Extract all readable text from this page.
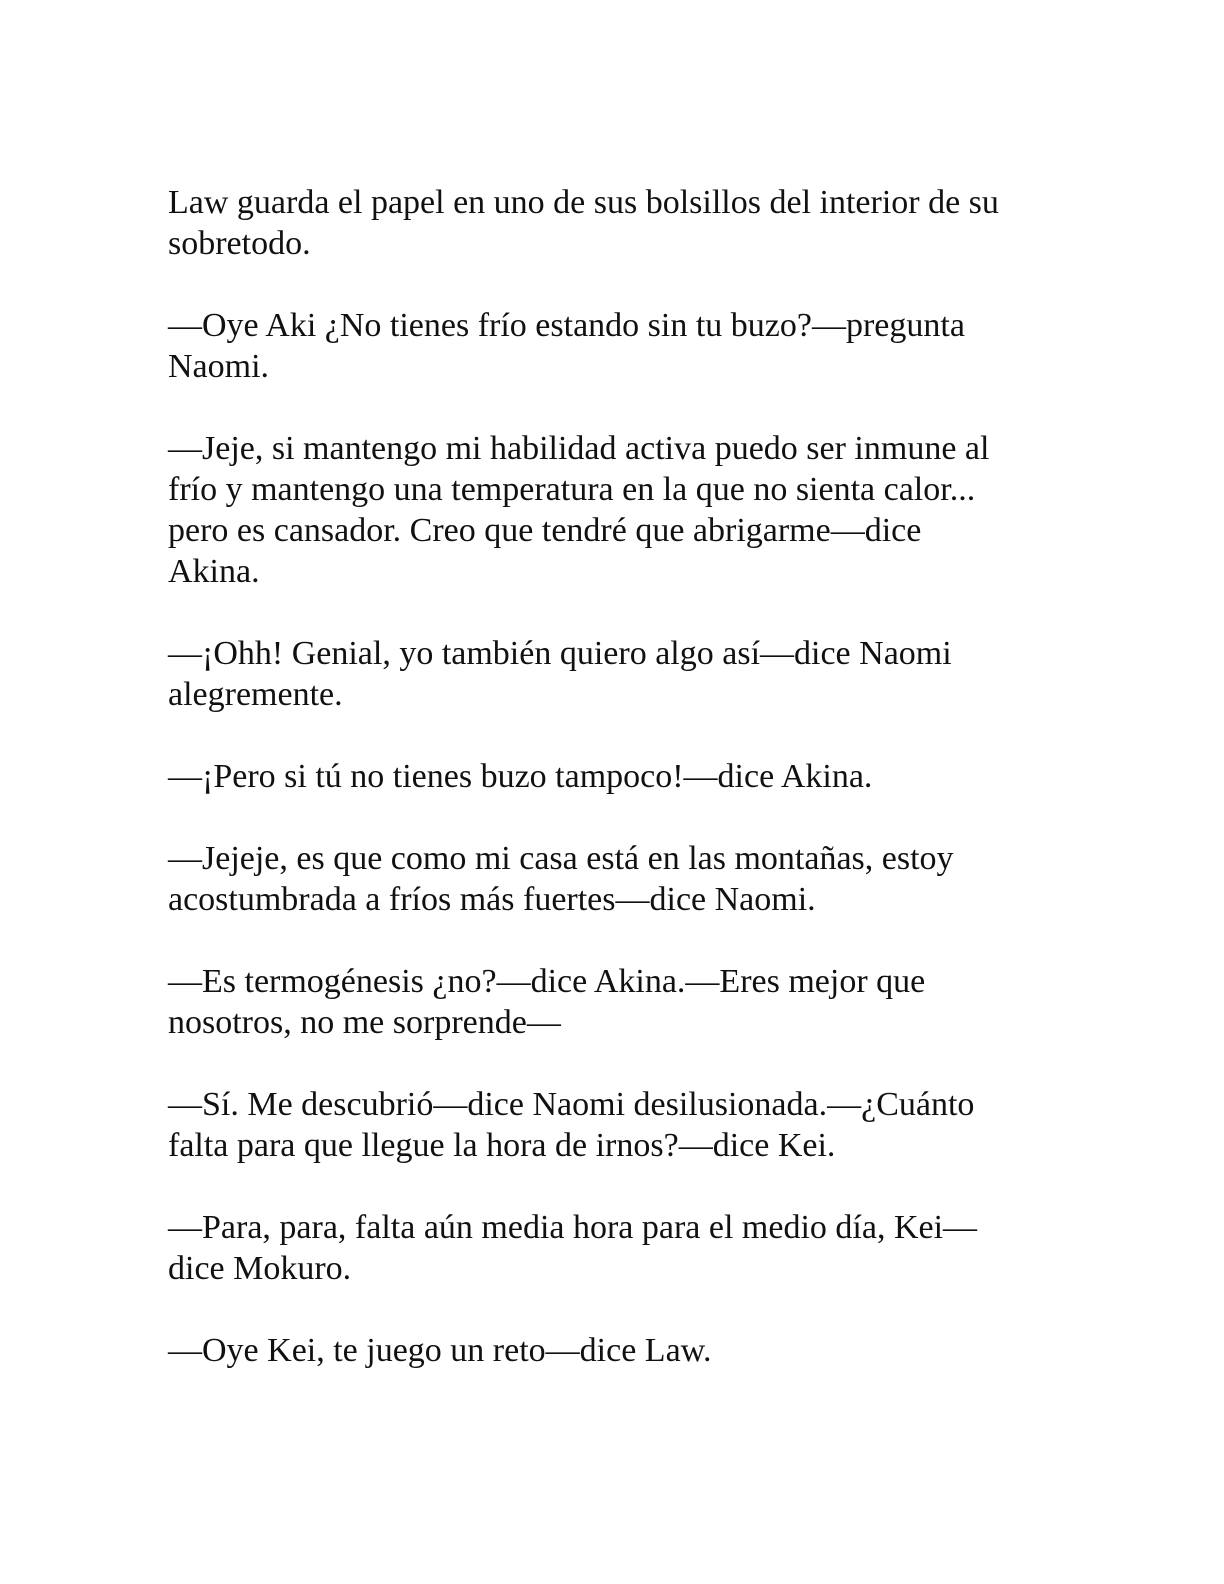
Law guarda el papel en uno de sus bolsillos del interior de su
sobretodo.

—Oye Aki ¿No tienes frío estando sin tu buzo?—pregunta
Naomi.

—Jeje, si mantengo mi habilidad activa puedo ser inmune al
frío y mantengo una temperatura en la que no sienta calor...
pero es cansador. Creo que tendré que abrigarme—dice
Akina.

—¡Ohh! Genial, yo también quiero algo así—dice Naomi
alegremente.

—¡Pero si tú no tienes buzo tampoco!—dice Akina.

—Jejeje, es que como mi casa está en las montañas, estoy
acostumbrada a fríos más fuertes—dice Naomi.

—Es termogénesis ¿no?—dice Akina.—Eres mejor que
nosotros, no me sorprende—

—Sí. Me descubrió—dice Naomi desilusionada.—¿Cuánto
falta para que llegue la hora de irnos?—dice Kei.

—Para, para, falta aún media hora para el medio día, Kei—
dice Mokuro.

—Oye Kei, te juego un reto—dice Law.
